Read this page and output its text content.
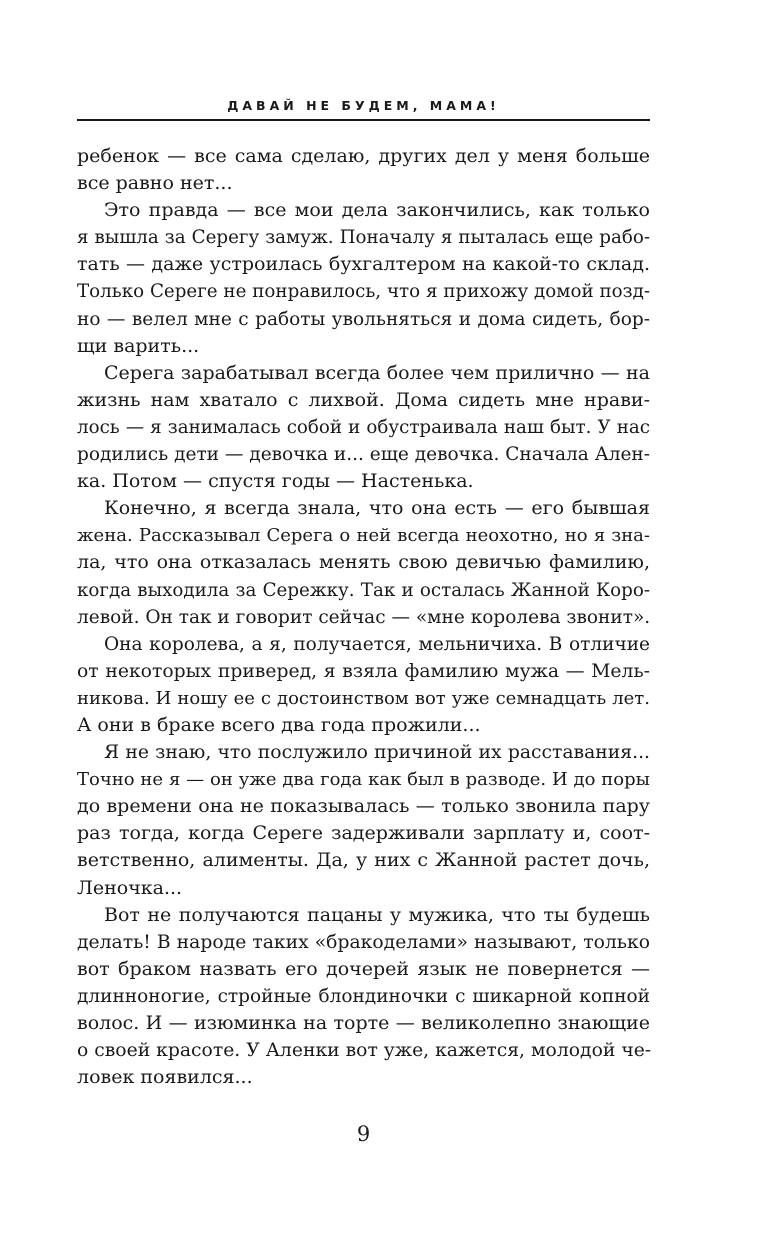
ДАВАЙ НЕ БУДЕМ, МАМА!
ребенок — все сама сделаю, других дел у меня больше
все равно нет...
Это правда — все мои дела закончились, как только
я вышла за Серегу замуж. Поначалу я пыталась еще рабо-
тать — даже устроилась бухгалтером на какой-то склад.
Только Сереге не понравилось, что я прихожу домой позд-
но — велел мне с работы увольняться и дома сидеть, бор-
щи варить...
Серега зарабатывал всегда более чем прилично — на
жизнь нам хватало с лихвой. Дома сидеть мне нрави-
лось — я занималась собой и обустраивала наш быт. У нас
родились дети — девочка и... еще девочка. Сначала Ален-
ка. Потом — спустя годы — Настенька.
Конечно, я всегда знала, что она есть — его бывшая
жена. Рассказывал Серега о ней всегда неохотно, но я зна-
ла, что она отказалась менять свою девичью фамилию,
когда выходила за Сережку. Так и осталась Жанной Коро-
левой. Он так и говорит сейчас — «мне королева звонит».
Она королева, а я, получается, мельничиха. В отличие
от некоторых привеpед, я взяла фамилию мужа — Мель-
никова. И ношу ее с достоинством вот уже семнадцать лет.
А они в браке всего два года прожили...
Я не знаю, что послужило причиной их расставания...
Точно не я — он уже два года как был в разводе. И до поры
до времени она не показывалась — только звонила пару
раз тогда, когда Сереге задерживали зарплату и, соот-
ветственно, алименты. Да, у них с Жанной растет дочь,
Леночка...
Вот не получаются пацаны у мужика, что ты будешь
делать! В народе таких «бракоделами» называют, только
вот браком назвать его дочерей язык не повернется —
длинноногие, стройные блондиночки с шикарной копной
волос. И — изюминка на торте — великолепно знающие
о своей красоте. У Аленки вот уже, кажется, молодой че-
ловек появился...
9
